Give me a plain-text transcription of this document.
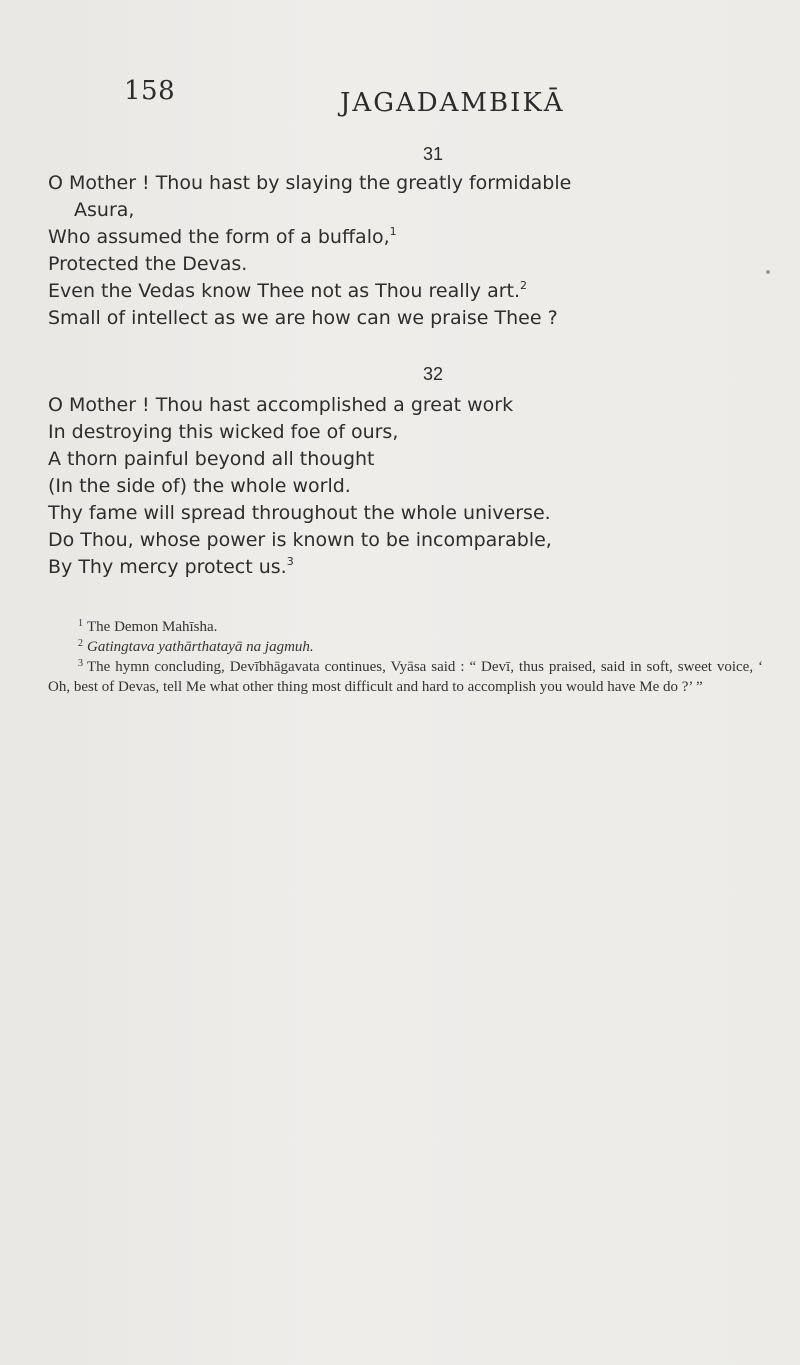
158	JAGADAMBIKĀ
31
O Mother ! Thou hast by slaying the greatly formidable
Asura,
Who assumed the form of a buffalo,$^1$
Protected the Devas.
Even the Vedas know Thee not as Thou really art.$^2$
Small of intellect as we are how can we praise Thee ?
32
O Mother ! Thou hast accomplished a great work
In destroying this wicked foe of ours,
A thorn painful beyond all thought
(In the side of) the whole world.
Thy fame will spread throughout the whole universe.
Do Thou, whose power is known to be incomparable,
By Thy mercy protect us.$^3$
$^1$ The Demon Mahīsha.
$^2$ Gatingtava yathārthatayā na jagmuh.
$^3$ The hymn concluding, Devībhāgavata continues, Vyāsa said : “ Devī, thus praised, said in soft, sweet voice, ‘ Oh, best of Devas, tell Me what other thing most difficult and hard to accomplish you would have Me do ?’ ”
